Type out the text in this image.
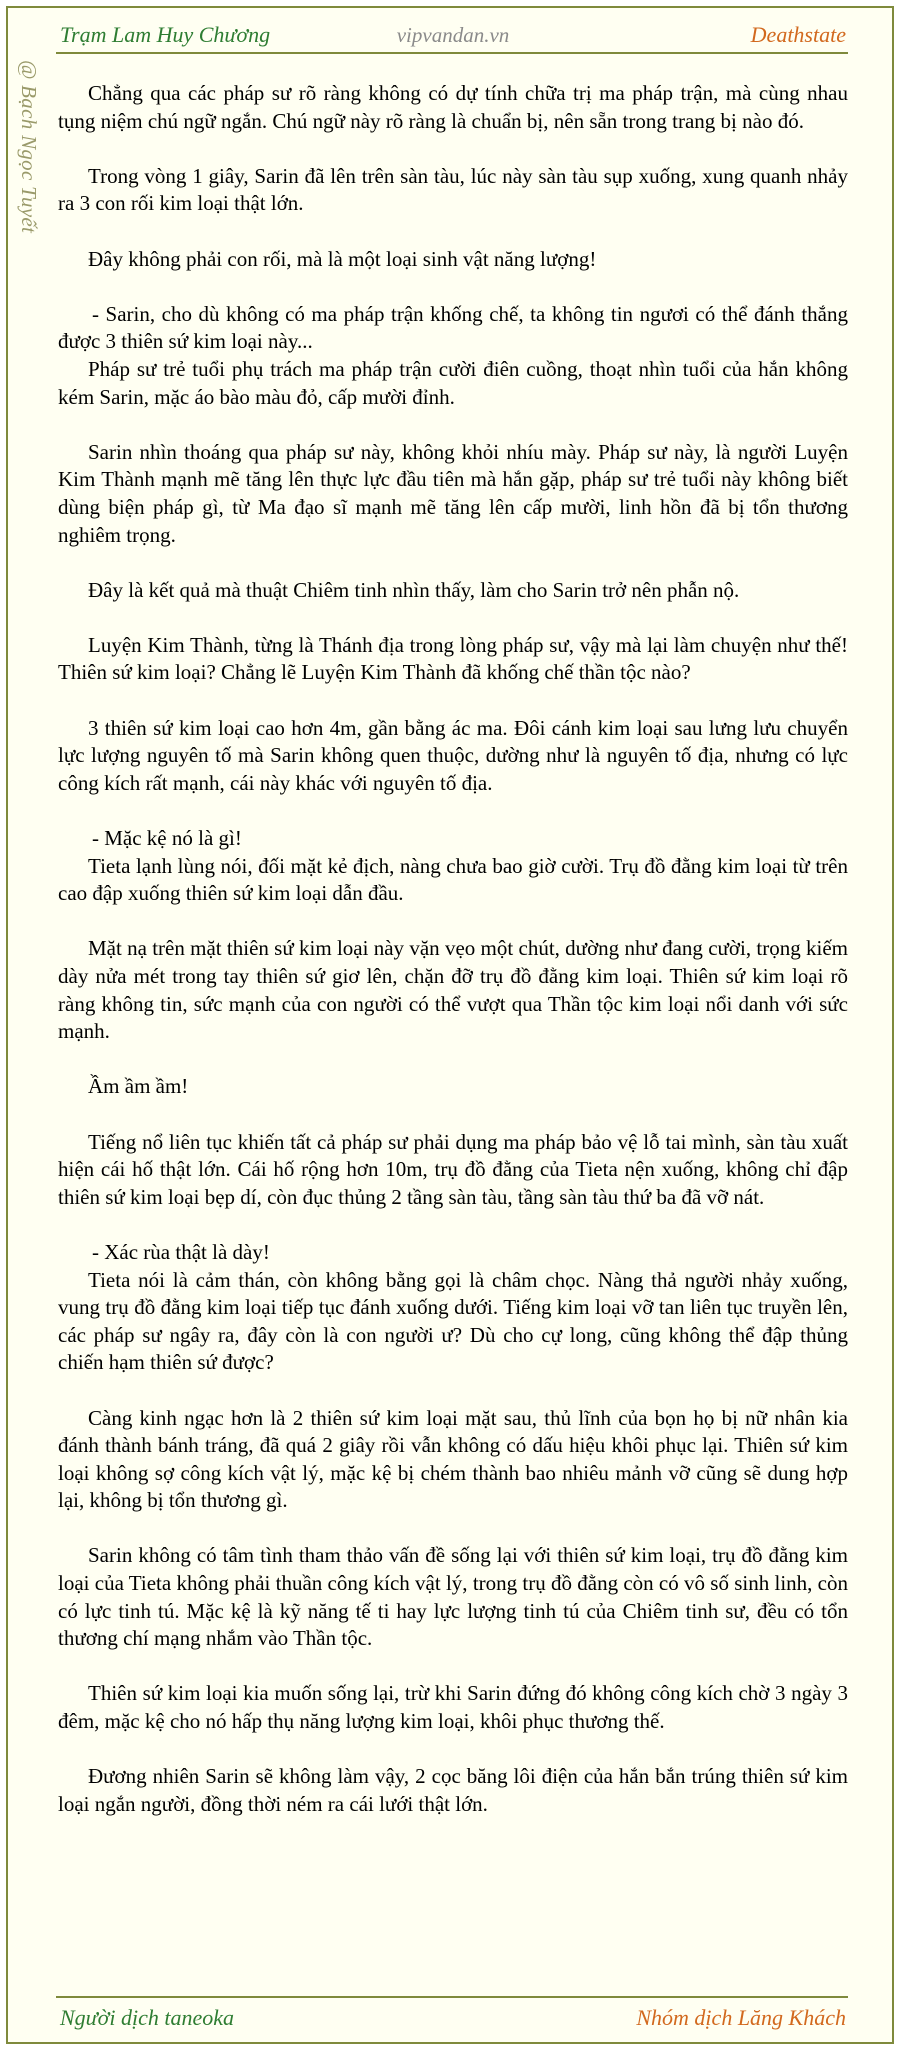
Trạm Lam Huy Chương	vipvandan.vn	Deathstate
@ Bạch Ngọc Tuyết	Chẳng qua các pháp sư rõ ràng không có dự tính chữa trị ma pháp trận, mà cùng nhau tụng niệm chú ngữ ngắn. Chú ngữ này rõ ràng là chuẩn bị, nên sẵn trong trang bị nào đó.

Trong vòng 1 giây, Sarin đã lên trên sàn tàu, lúc này sàn tàu sụp xuống, xung quanh nhảy ra 3 con rối kim loại thật lớn.

Đây không phải con rối, mà là một loại sinh vật năng lượng!

- Sarin, cho dù không có ma pháp trận khống chế, ta không tin ngươi có thể đánh thắng được 3 thiên sứ kim loại này...

Pháp sư trẻ tuổi phụ trách ma pháp trận cười điên cuồng, thoạt nhìn tuổi của hắn không kém Sarin, mặc áo bào màu đỏ, cấp mười đỉnh.

Sarin nhìn thoáng qua pháp sư này, không khỏi nhíu mày. Pháp sư này, là người Luyện Kim Thành mạnh mẽ tăng lên thực lực đầu tiên mà hắn gặp, pháp sư trẻ tuổi này không biết dùng biện pháp gì, từ Ma đạo sĩ mạnh mẽ tăng lên cấp mười, linh hồn đã bị tổn thương nghiêm trọng.

Đây là kết quả mà thuật Chiêm tinh nhìn thấy, làm cho Sarin trở nên phẫn nộ.

Luyện Kim Thành, từng là Thánh địa trong lòng pháp sư, vậy mà lại làm chuyện như thế! Thiên sứ kim loại? Chẳng lẽ Luyện Kim Thành đã khống chế thần tộc nào?

3 thiên sứ kim loại cao hơn 4m, gần bằng ác ma. Đôi cánh kim loại sau lưng lưu chuyển lực lượng nguyên tố mà Sarin không quen thuộc, dường như là nguyên tố địa, nhưng có lực công kích rất mạnh, cái này khác với nguyên tố địa.

- Mặc kệ nó là gì!

Tieta lạnh lùng nói, đối mặt kẻ địch, nàng chưa bao giờ cười. Trụ đồ đằng kim loại từ trên cao đập xuống thiên sứ kim loại dẫn đầu.

Mặt nạ trên mặt thiên sứ kim loại này vặn vẹo một chút, dường như đang cười, trọng kiếm dày nửa mét trong tay thiên sứ giơ lên, chặn đỡ trụ đồ đằng kim loại. Thiên sứ kim loại rõ ràng không tin, sức mạnh của con người có thể vượt qua Thần tộc kim loại nổi danh với sức mạnh.

Ầm ầm ầm!

Tiếng nổ liên tục khiến tất cả pháp sư phải dụng ma pháp bảo vệ lỗ tai mình, sàn tàu xuất hiện cái hố thật lớn. Cái hố rộng hơn 10m, trụ đồ đằng của Tieta nện xuống, không chỉ đập thiên sứ kim loại bẹp dí, còn đục thủng 2 tầng sàn tàu, tầng sàn tàu thứ ba đã vỡ nát.

- Xác rùa thật là dày!

Tieta nói là cảm thán, còn không bằng gọi là châm chọc. Nàng thả người nhảy xuống, vung trụ đồ đằng kim loại tiếp tục đánh xuống dưới. Tiếng kim loại vỡ tan liên tục truyền lên, các pháp sư ngây ra, đây còn là con người ư? Dù cho cự long, cũng không thể đập thủng chiến hạm thiên sứ được?

Càng kinh ngạc hơn là 2 thiên sứ kim loại mặt sau, thủ lĩnh của bọn họ bị nữ nhân kia đánh thành bánh tráng, đã quá 2 giây rồi vẫn không có dấu hiệu khôi phục lại. Thiên sứ kim loại không sợ công kích vật lý, mặc kệ bị chém thành bao nhiêu mảnh vỡ cũng sẽ dung hợp lại, không bị tổn thương gì.

Sarin không có tâm tình tham thảo vấn đề sống lại với thiên sứ kim loại, trụ đồ đằng kim loại của Tieta không phải thuần công kích vật lý, trong trụ đồ đằng còn có vô số sinh linh, còn có lực tinh tú. Mặc kệ là kỹ năng tế ti hay lực lượng tinh tú của Chiêm tinh sư, đều có tổn thương chí mạng nhắm vào Thần tộc.

Thiên sứ kim loại kia muốn sống lại, trừ khi Sarin đứng đó không công kích chờ 3 ngày 3 đêm, mặc kệ cho nó hấp thụ năng lượng kim loại, khôi phục thương thế.

Đương nhiên Sarin sẽ không làm vậy, 2 cọc băng lôi điện của hắn bắn trúng thiên sứ kim loại ngắn người, đồng thời ném ra cái lưới thật lớn.

Người dịch taneoka	Nhóm dịch Lăng Khách
